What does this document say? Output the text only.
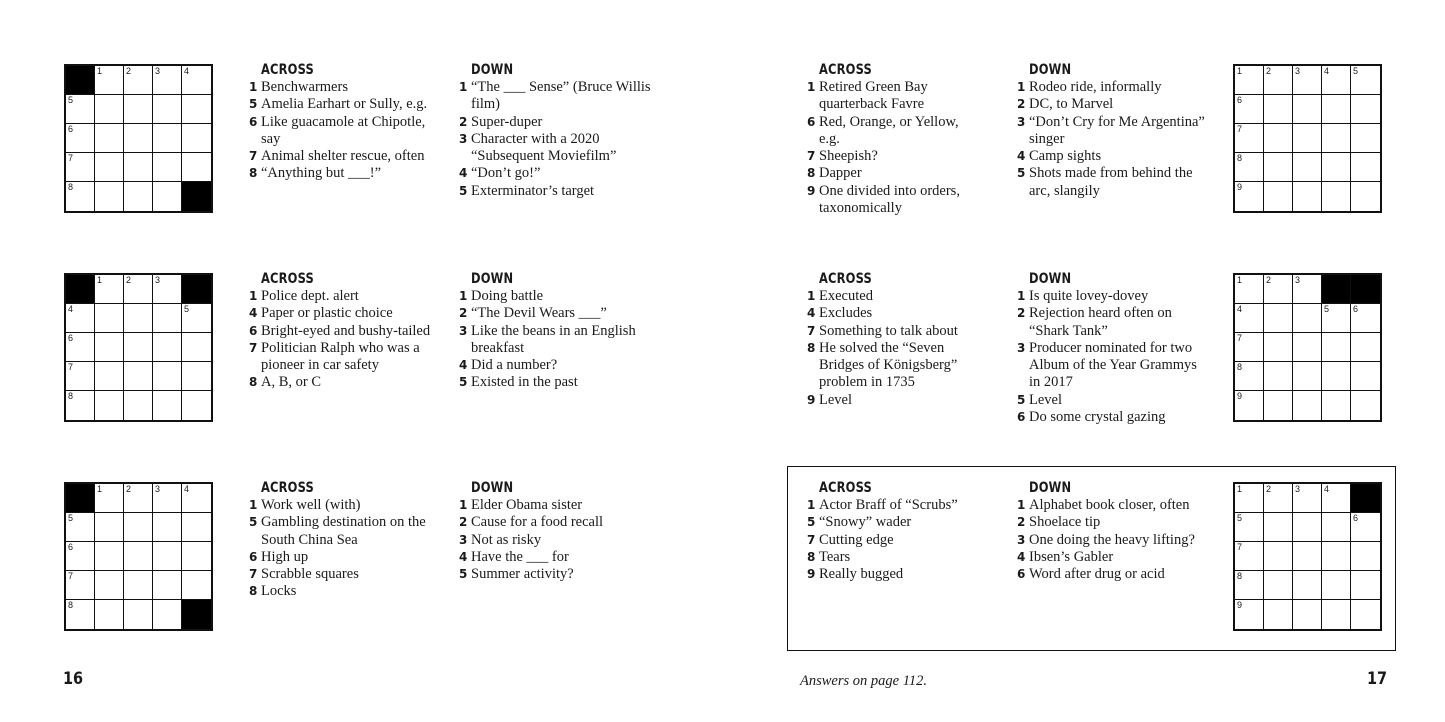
1	2	3	4
5
6
7
8
ACROSS
1 Benchwarmers
5 Amelia Earhart or Sully, e.g.
6 Like guacamole at Chipotle, say
7 Animal shelter rescue, often
8 “Anything but ___!”
DOWN
1 “The ___ Sense” (Bruce Willis film)
2 Super-duper
3 Character with a 2020 “Subsequent Moviefilm”
4 “Don’t go!”
5 Exterminator’s target
1	2	3
4	5
6
7
8
ACROSS
1 Police dept. alert
4 Paper or plastic choice
6 Bright-eyed and bushy-tailed
7 Politician Ralph who was a pioneer in car safety
8 A, B, or C
DOWN
1 Doing battle
2 “The Devil Wears ___”
3 Like the beans in an English breakfast
4 Did a number?
5 Existed in the past
1	2	3	4
5
6
7
8
ACROSS
1 Work well (with)
5 Gambling destination on the South China Sea
6 High up
7 Scrabble squares
8 Locks
DOWN
1 Elder Obama sister
2 Cause for a food recall
3 Not as risky
4 Have the ___ for
5 Summer activity?
ACROSS
1 Retired Green Bay quarterback Favre
6 Red, Orange, or Yellow, e.g.
7 Sheepish?
8 Dapper
9 One divided into orders, taxonomically
DOWN
1 Rodeo ride, informally
2 DC, to Marvel
3 “Don’t Cry for Me Argentina” singer
4 Camp sights
5 Shots made from behind the arc, slangily
1	2	3	4	5
6
7
8
9
ACROSS
1 Executed
4 Excludes
7 Something to talk about
8 He solved the “Seven Bridges of Königsberg” problem in 1735
9 Level
DOWN
1 Is quite lovey-dovey
2 Rejection heard often on “Shark Tank”
3 Producer nominated for two Album of the Year Grammys in 2017
5 Level
6 Do some crystal gazing
1	2	3
4	5	6
7
8
9
ACROSS
1 Actor Braff of “Scrubs”
5 “Snowy” wader
7 Cutting edge
8 Tears
9 Really bugged
DOWN
1 Alphabet book closer, often
2 Shoelace tip
3 One doing the heavy lifting?
4 Ibsen’s Gabler
6 Word after drug or acid
1	2	3	4
5	6
7
8
9
16	Answers on page 112.	17
